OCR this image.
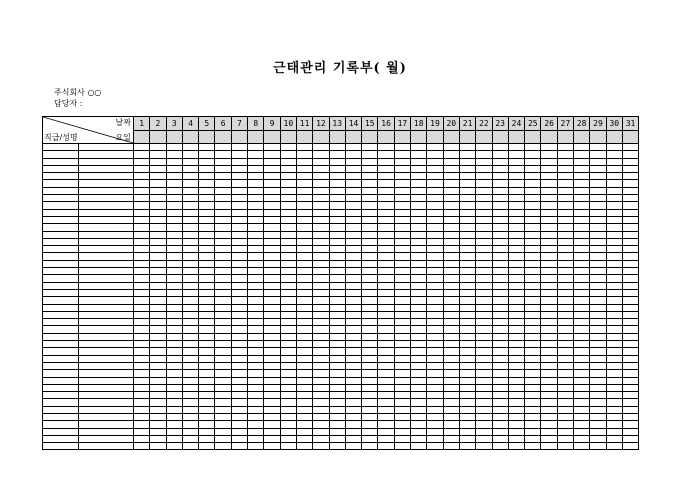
근태관리 기록부( 월)
주식회사 ○○
담당자 :
날짜
요일
직급/성명		1	2	3	4	5	6	7	8	9	10	11	12	13	14	15	16	17	18	19	20	21	22	23	24	25	26	27	28	29	30	31
